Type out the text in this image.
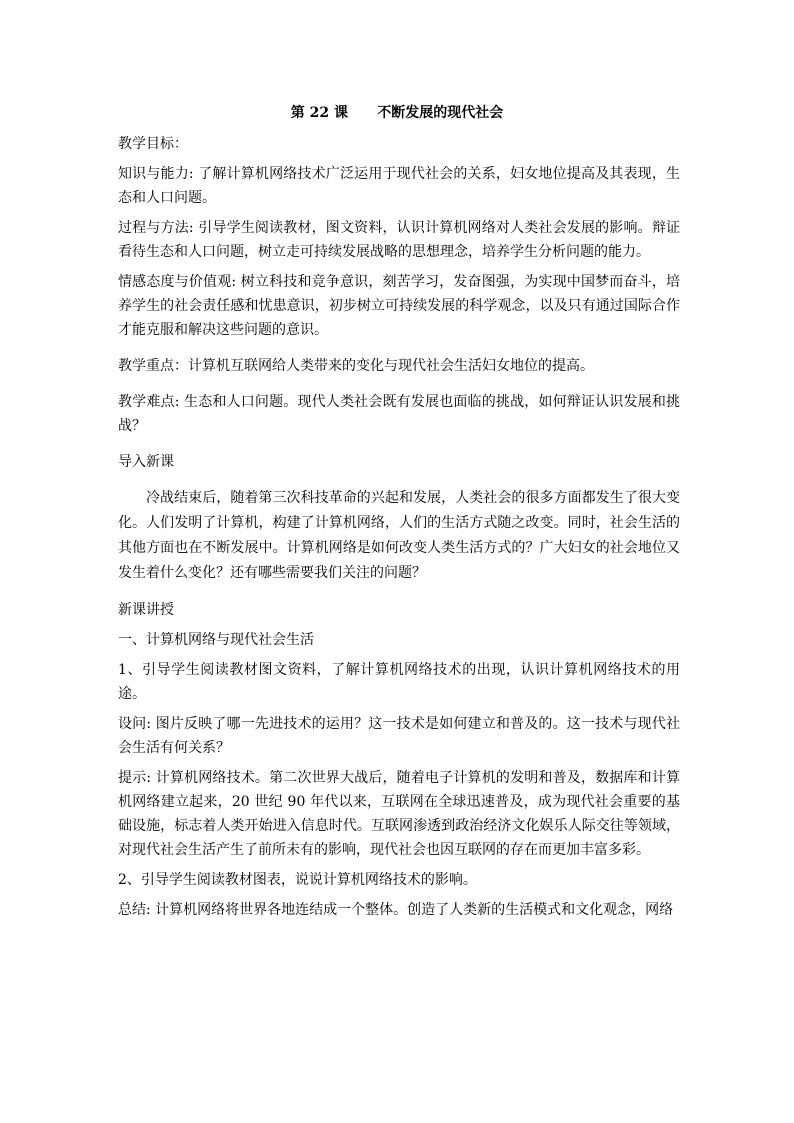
第 22 课      不断发展的现代社会

教学目标：

知识与能力: 了解计算机网络技术广泛运用于现代社会的关系，妇女地位提高及其表现，生态和人口问题。

过程与方法: 引导学生阅读教材，图文资料，认识计算机网络对人类社会发展的影响。辩证看待生态和人口问题，树立走可持续发展战略的思想理念，培养学生分析问题的能力。

情感态度与价值观: 树立科技和竞争意识，刻苦学习，发奋图强，为实现中国梦而奋斗，培养学生的社会责任感和忧患意识，初步树立可持续发展的科学观念，以及只有通过国际合作才能克服和解决这些问题的意识。

教学重点：计算机互联网给人类带来的变化与现代社会生活妇女地位的提高。

教学难点: 生态和人口问题。现代人类社会既有发展也面临的挑战，如何辩证认识发展和挑战？

导入新课

冷战结束后，随着第三次科技革命的兴起和发展，人类社会的很多方面都发生了很大变化。人们发明了计算机，构建了计算机网络，人们的生活方式随之改变。同时，社会生活的其他方面也在不断发展中。计算机网络是如何改变人类生活方式的？广大妇女的社会地位又发生着什么变化？还有哪些需要我们关注的问题？

新课讲授

一、计算机网络与现代社会生活

1、引导学生阅读教材图文资料，了解计算机网络技术的出现，认识计算机网络技术的用途。

设问: 图片反映了哪一先进技术的运用？这一技术是如何建立和普及的。这一技术与现代社会生活有何关系？

提示: 计算机网络技术。第二次世界大战后，随着电子计算机的发明和普及，数据库和计算机网络建立起来，20 世纪 90 年代以来，互联网在全球迅速普及，成为现代社会重要的基础设施，标志着人类开始进入信息时代。互联网渗透到政治经济文化娱乐人际交往等领域，对现代社会生活产生了前所未有的影响，现代社会也因互联网的存在而更加丰富多彩。

2、引导学生阅读教材图表，说说计算机网络技术的影响。

总结: 计算机网络将世界各地连结成一个整体。创造了人类新的生活模式和文化观念，网络
